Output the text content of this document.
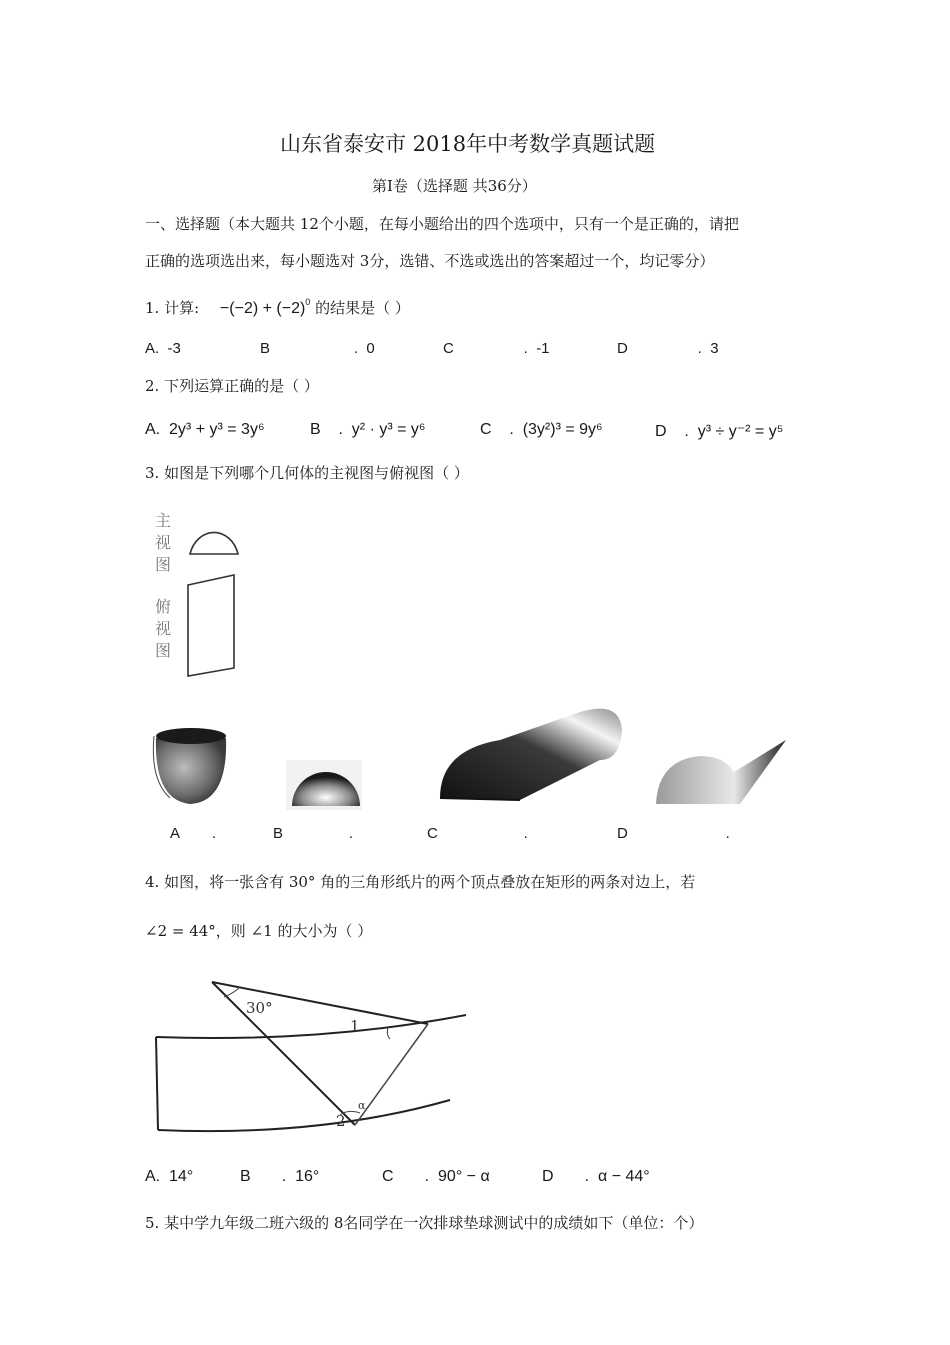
山东省泰安市 2018年中考数学真题试题
第Ⅰ卷（选择题 共36分）
一、选择题（本大题共 12个小题，在每小题给出的四个选项中，只有一个是正确的，请把
正确的选项选出来，每小题选对 3分，选错、不选或选出的答案超过一个，均记零分）
1. 计算: $-(-2) + (-2)^0$ 的结果是（ ）
A.  -3	B	. 0	C	. -1	D	. 3
2. 下列运算正确的是（ ）
A.  2y³ + y³ = 3y⁶	B    .  y² · y³ = y⁶	C    .  (3y²)³ = 9y⁶	D    .  y³ ÷ y⁻² = y⁵
3. 如图是下列哪个几何体的主视图与俯视图（ ）
主视图
俯视图
A .	B	.	C	.	D	.
4. 如图，将一张含有 30° 角的三角形纸片的两个顶点叠放在矩形的两条对边上，若
∠2 = 44°，则 ∠1 的大小为（ ）
30°
1
2
α
A.  14°	B       .  16°	C       .  90° − α	D       .  α − 44°
5. 某中学九年级二班六级的 8名同学在一次排球垫球测试中的成绩如下（单位：个）
